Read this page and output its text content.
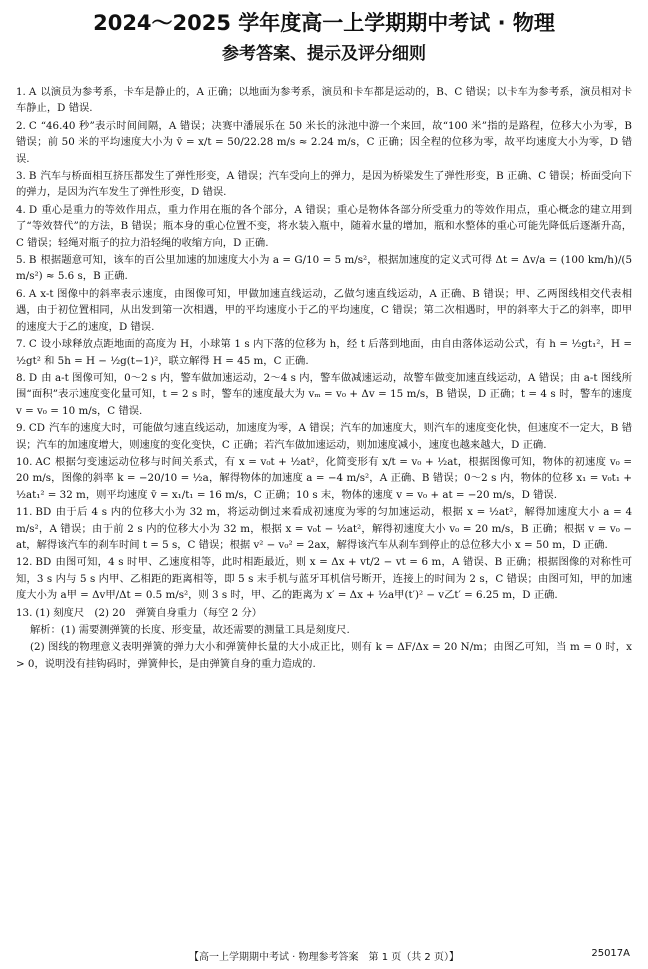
2024～2025 学年度高一上学期期中考试 · 物理
参考答案、提示及评分细则

1. A 以演员为参考系，卡车是静止的，A 正确；以地面为参考系，演员和卡车都是运动的，B、C 错误；以卡车为参考系，演员相对卡车静止，D 错误.

2. C “46.40 秒”表示时间间隔，A 错误；决赛中潘展乐在 50 米长的泳池中游一个来回，故“100 米”指的是路程，位移大小为零，B 错误；前 50 米的平均速度大小为 v̄ = x/t = 50/22.28 m/s ≈ 2.24 m/s，C 正确；因全程的位移为零，故平均速度大小为零，D 错误.

3. B 汽车与桥面相互挤压都发生了弹性形变，A 错误；汽车受向上的弹力，是因为桥梁发生了弹性形变，B 正确、C 错误；桥面受向下的弹力，是因为汽车发生了弹性形变，D 错误.

4. D 重心是重力的等效作用点，重力作用在瓶的各个部分，A 错误；重心是物体各部分所受重力的等效作用点，重心概念的建立用到了“等效替代”的方法，B 错误；瓶本身的重心位置不变，将水装入瓶中，随着水量的增加，瓶和水整体的重心可能先降低后逐渐升高，C 错误；轻绳对瓶子的拉力沿轻绳的收缩方向，D 正确.

5. B 根据题意可知，该车的百公里加速的加速度大小为 a = G/10 = 5 m/s²，根据加速度的定义式可得 Δt = Δv/a = (100 km/h)/(5 m/s²) ≈ 5.6 s，B 正确.

6. A x-t 图像中的斜率表示速度，由图像可知，甲做加速直线运动，乙做匀速直线运动，A 正确、B 错误；甲、乙两图线相交代表相遇，由于初位置相同，从出发到第一次相遇，甲的平均速度小于乙的平均速度，C 错误；第二次相遇时，甲的斜率大于乙的斜率，即甲的速度大于乙的速度，D 错误.

7. C 设小球释放点距地面的高度为 H，小球第 1 s 内下落的位移为 h，经 t 后落到地面，由自由落体运动公式，有 h = ½gt₁²，H = ½gt² 和 5h = H − ½g(t−1)²，联立解得 H = 45 m，C 正确.

8. D 由 a-t 图像可知，0～2 s 内，警车做加速运动，2～4 s 内，警车做减速运动，故警车做变加速直线运动，A 错误；由 a-t 图线所围“面积”表示速度变化量可知，t = 2 s 时，警车的速度最大为 vₘ = v₀ + Δv = 15 m/s，B 错误，D 正确；t = 4 s 时，警车的速度 v = v₀ = 10 m/s，C 错误.

9. CD 汽车的速度大时，可能做匀速直线运动，加速度为零，A 错误；汽车的加速度大，则汽车的速度变化快，但速度不一定大，B 错误；汽车的加速度增大，则速度的变化变快，C 正确；若汽车做加速运动，则加速度减小，速度也越来越大，D 正确.

10. AC 根据匀变速运动位移与时间关系式，有 x = v₀t + ½at²，化简变形有 x/t = v₀ + ½at，根据图像可知，物体的初速度 v₀ = 20 m/s，图像的斜率 k = −20/10 = ½a，解得物体的加速度 a = −4 m/s²，A 正确、B 错误；0～2 s 内，物体的位移 x₁ = v₀t₁ + ½at₁² = 32 m，则平均速度 v̄ = x₁/t₁ = 16 m/s，C 正确；10 s 末，物体的速度 v = v₀ + at = −20 m/s，D 错误.

11. BD 由于后 4 s 内的位移大小为 32 m，将运动倒过来看成初速度为零的匀加速运动，根据 x = ½at²，解得加速度大小 a = 4 m/s²，A 错误；由于前 2 s 内的位移大小为 32 m，根据 x = v₀t − ½at²，解得初速度大小 v₀ = 20 m/s，B 正确；根据 v = v₀ − at，解得该汽车的刹车时间 t = 5 s，C 错误；根据 v² − v₀² = 2ax，解得该汽车从刹车到停止的总位移大小 x = 50 m，D 正确.

12. BD 由图可知，4 s 时甲、乙速度相等，此时相距最近，则 x = Δx + vt/2 − vt = 6 m，A 错误、B 正确；根据图像的对称性可知，3 s 内与 5 s 内甲、乙相距的距离相等，即 5 s 末手机与蓝牙耳机信号断开，连接上的时间为 2 s，C 错误；由图可知，甲的加速度大小为 a甲 = Δv甲/Δt = 0.5 m/s²，则 3 s 时，甲、乙的距离为 x′ = Δx + ½a甲(t′)² − v乙t′ = 6.25 m，D 正确.

13. (1) 刻度尺　(2) 20　弹簧自身重力（每空 2 分）

解析：(1) 需要测弹簧的长度、形变量，故还需要的测量工具是刻度尺.

(2) 图线的物理意义表明弹簧的弹力大小和弹簧伸长量的大小成正比，则有 k = ΔF/Δx = 20 N/m；由图乙可知，当 m = 0 时，x > 0，说明没有挂钩码时，弹簧伸长，是由弹簧自身的重力造成的.

【高一上学期期中考试 · 物理参考答案　第 1 页（共 2 页）】	25017A
